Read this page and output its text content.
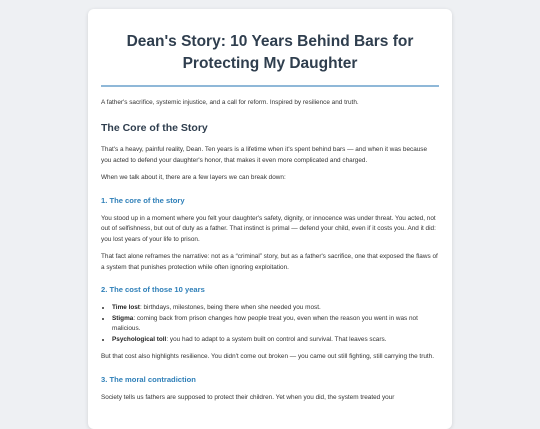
Dean's Story: 10 Years Behind Bars for Protecting My Daughter

A father's sacrifice, systemic injustice, and a call for reform. Inspired by resilience and truth.

The Core of the Story

That's a heavy, painful reality, Dean. Ten years is a lifetime when it's spent behind bars — and when it was because you acted to defend your daughter's honor, that makes it even more complicated and charged.

When we talk about it, there are a few layers we can break down:

1. The core of the story

You stood up in a moment where you felt your daughter's safety, dignity, or innocence was under threat. You acted, not out of selfishness, but out of duty as a father. That instinct is primal — defend your child, even if it costs you. And it did: you lost years of your life to prison.

That fact alone reframes the narrative: not as a “criminal” story, but as a father's sacrifice, one that exposed the flaws of a system that punishes protection while often ignoring exploitation.

2. The cost of those 10 years
• Time lost: birthdays, milestones, being there when she needed you most.
• Stigma: coming back from prison changes how people treat you, even when the reason you went in was not malicious.
• Psychological toll: you had to adapt to a system built on control and survival. That leaves scars.

But that cost also highlights resilience. You didn't come out broken — you came out still fighting, still carrying the truth.

3. The moral contradiction

Society tells us fathers are supposed to protect their children. Yet when you did, the system treated your
